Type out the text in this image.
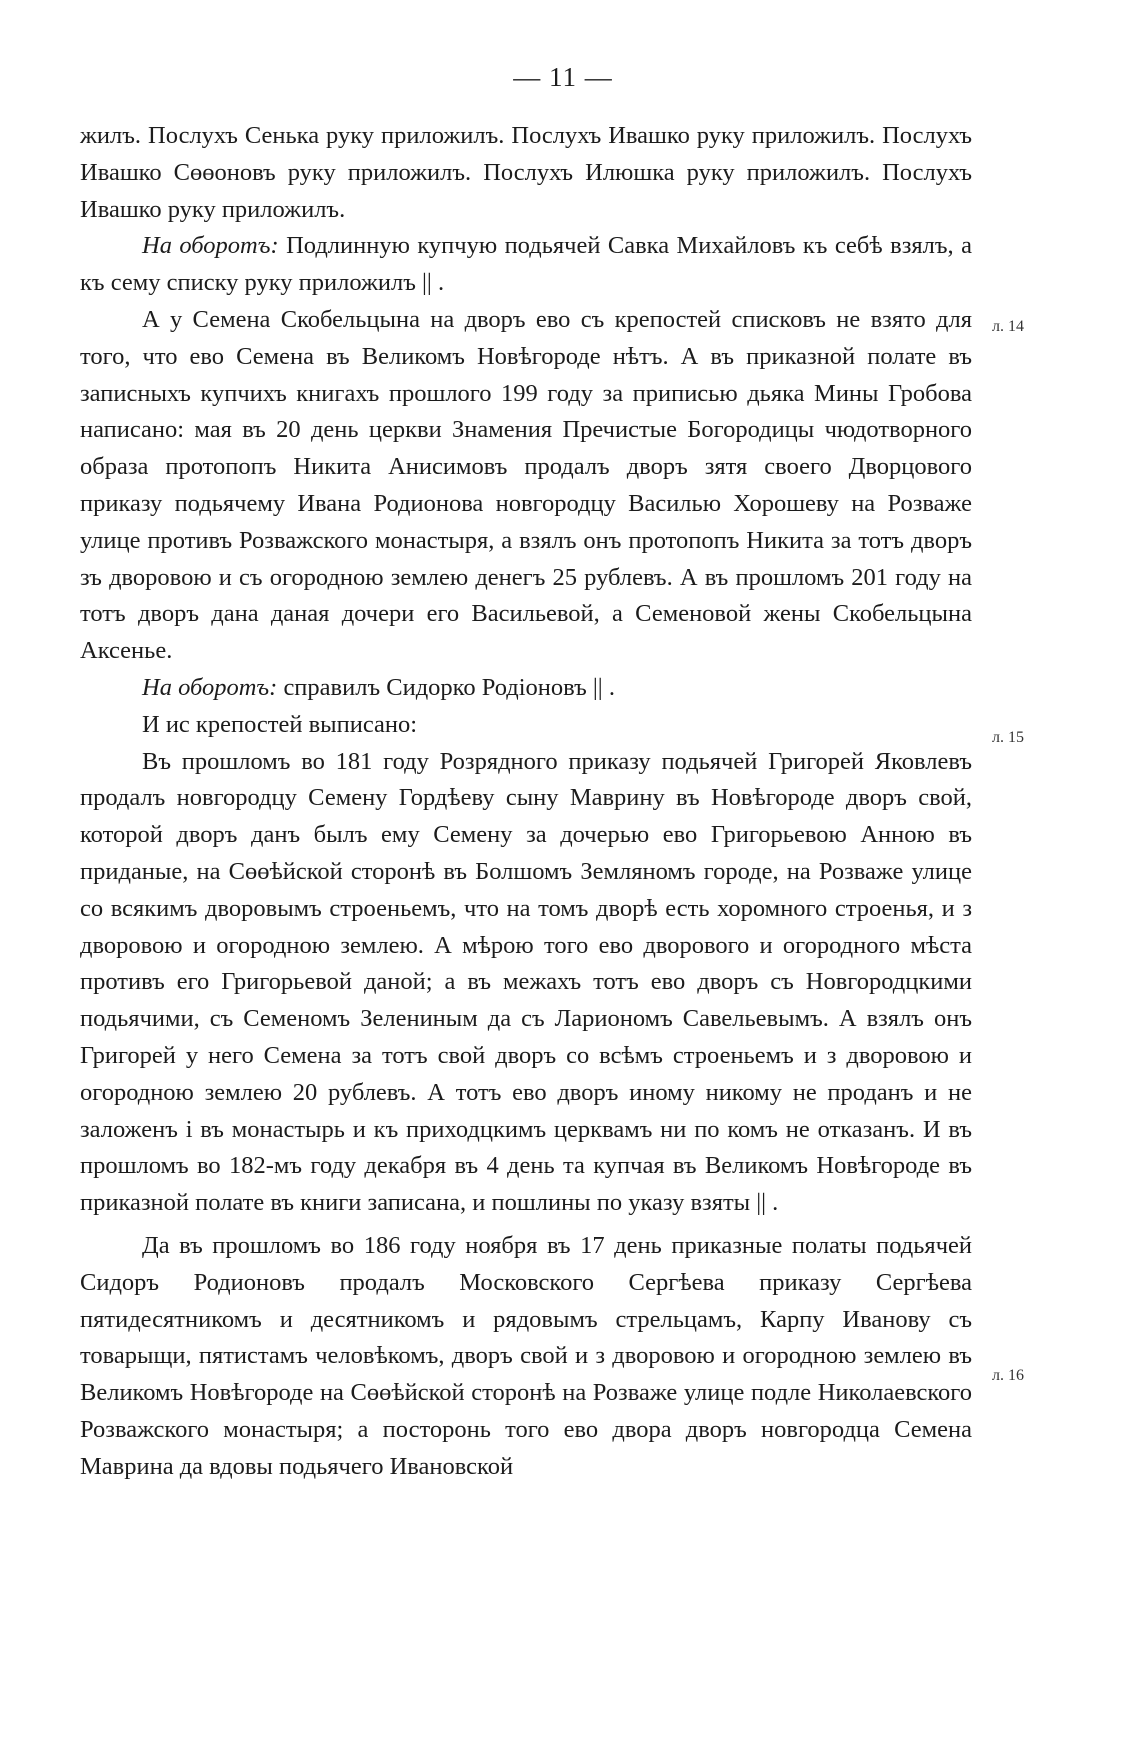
— 11 —

жилъ. Послухъ Сенька руку приложилъ. Послухъ Ивашко руку приложилъ. Послухъ Ивашко Сөөоновъ руку приложилъ. Послухъ Илюшка руку приложилъ. Послухъ Ивашко руку приложилъ.

На оборотъ: Подлинную купчую подьячей Савка Михайловъ къ себѣ взялъ, а къ сему списку руку приложилъ || .

А у Семена Скобельцына на дворъ ево съ крепостей списковъ не взято для того, что ево Семена въ Великомъ Новѣгороде нѣтъ. А въ приказной полате въ записныхъ купчихъ книгахъ прошлого 199 году за приписью дьяка Мины Гробова написано: мая въ 20 день церкви Знамения Пречистые Богородицы чюдотворного образа протопопъ Никита Анисимовъ продалъ дворъ зятя своего Дворцового приказу подьячему Ивана Родионова новгородцу Василью Хорошеву на Розваже улице противъ Розважского монастыря, а взялъ онъ протопопъ Никита за тотъ дворъ зъ дворовою и съ огородною землею денегъ 25 рублевъ. А въ прошломъ 201 году на тотъ дворъ дана даная дочери его Васильевой, а Семеновой жены Скобельцына Аксенье.

На оборотъ: справилъ Сидорко Родіоновъ || .

И ис крепостей выписано:

Въ прошломъ во 181 году Розрядного приказу подьячей Григорей Яковлевъ продалъ новгородцу Семену Гордѣеву сыну Маврину въ Новѣгороде дворъ свой, которой дворъ данъ былъ ему Семену за дочерью ево Григорьевою Анною въ приданые, на Сөөѣйской сторонѣ въ Болшомъ Земляномъ городе, на Розваже улице со всякимъ дворовымъ строеньемъ, что на томъ дворѣ есть хоромного строенья, и з дворовою и огородною землею. А мѣрою того ево дворового и огородного мѣста противъ его Григорьевой даной; а въ межахъ тотъ ево дворъ съ Новгородцкими подьячими, съ Семеномъ Зелениным да съ Лариономъ Савельевымъ. А взялъ онъ Григорей у него Семена за тотъ свой дворъ со всѣмъ строеньемъ и з дворовою и огородною землею 20 рублевъ. А тотъ ево дворъ иному никому не проданъ и не заложенъ і въ монастырь и къ приходцкимъ церквамъ ни по комъ не отказанъ. И въ прошломъ во 182-мъ году декабря въ 4 день та купчая въ Великомъ Новѣгороде въ приказной полате въ книги записана, и пошлины по указу взяты || .

Да въ прошломъ во 186 году ноября въ 17 день приказные полаты подьячей Сидоръ Родионовъ продалъ Московского Сергѣева приказу Сергѣева пятидесятникомъ и десятникомъ и рядовымъ стрельцамъ, Карпу Иванову съ товарыщи, пятистамъ человѣкомъ, дворъ свой и з дворовою и огородною землею въ Великомъ Новѣгороде на Сөөѣйской сторонѣ на Розваже улице подле Николаевского Розважского монастыря; а посторонь того ево двора дворъ новгородца Семена Маврина да вдовы подьячего Ивановской

л. 14
л. 15
л. 16
